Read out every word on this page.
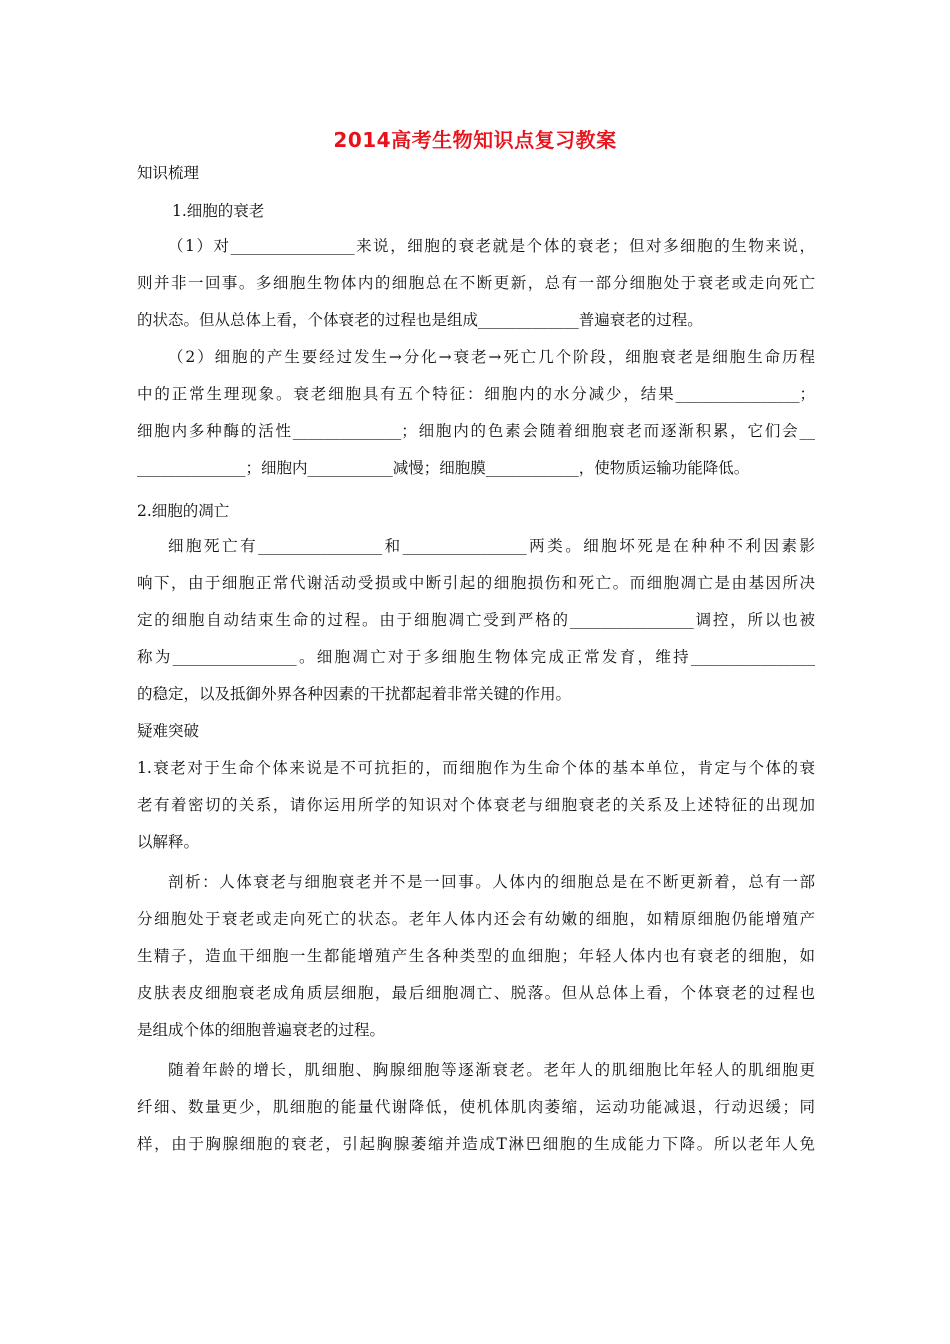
2014高考生物知识点复习教案
知识梳理
1.细胞的衰老
（1）对________________来说，细胞的衰老就是个体的衰老；但对多细胞的生物来说，
则并非一回事。多细胞生物体内的细胞总在不断更新，总有一部分细胞处于衰老或走向死亡
的状态。但从总体上看，个体衰老的过程也是组成_____________普遍衰老的过程。
（2）细胞的产生要经过发生→分化→衰老→死亡几个阶段，细胞衰老是细胞生命历程
中的正常生理现象。衰老细胞具有五个特征：细胞内的水分减少，结果________________；
细胞内多种酶的活性______________；细胞内的色素会随着细胞衰老而逐渐积累，它们会__
______________；细胞内___________减慢；细胞膜____________，使物质运输功能降低。
2.细胞的凋亡
细胞死亡有________________和________________两类。细胞坏死是在种种不利因素影
响下，由于细胞正常代谢活动受损或中断引起的细胞损伤和死亡。而细胞凋亡是由基因所决
定的细胞自动结束生命的过程。由于细胞凋亡受到严格的________________调控，所以也被
称为________________。细胞凋亡对于多细胞生物体完成正常发育，维持________________
的稳定，以及抵御外界各种因素的干扰都起着非常关键的作用。
疑难突破
1.衰老对于生命个体来说是不可抗拒的，而细胞作为生命个体的基本单位，肯定与个体的衰
老有着密切的关系，请你运用所学的知识对个体衰老与细胞衰老的关系及上述特征的出现加
以解释。
剖析：人体衰老与细胞衰老并不是一回事。人体内的细胞总是在不断更新着，总有一部
分细胞处于衰老或走向死亡的状态。老年人体内还会有幼嫩的细胞，如精原细胞仍能增殖产
生精子，造血干细胞一生都能增殖产生各种类型的血细胞；年轻人体内也有衰老的细胞，如
皮肤表皮细胞衰老成角质层细胞，最后细胞凋亡、脱落。但从总体上看，个体衰老的过程也
是组成个体的细胞普遍衰老的过程。
随着年龄的增长，肌细胞、胸腺细胞等逐渐衰老。老年人的肌细胞比年轻人的肌细胞更
纤细、数量更少，肌细胞的能量代谢降低，使机体肌肉萎缩，运动功能减退，行动迟缓；同
样，由于胸腺细胞的衰老，引起胸腺萎缩并造成T淋巴细胞的生成能力下降。所以老年人免
